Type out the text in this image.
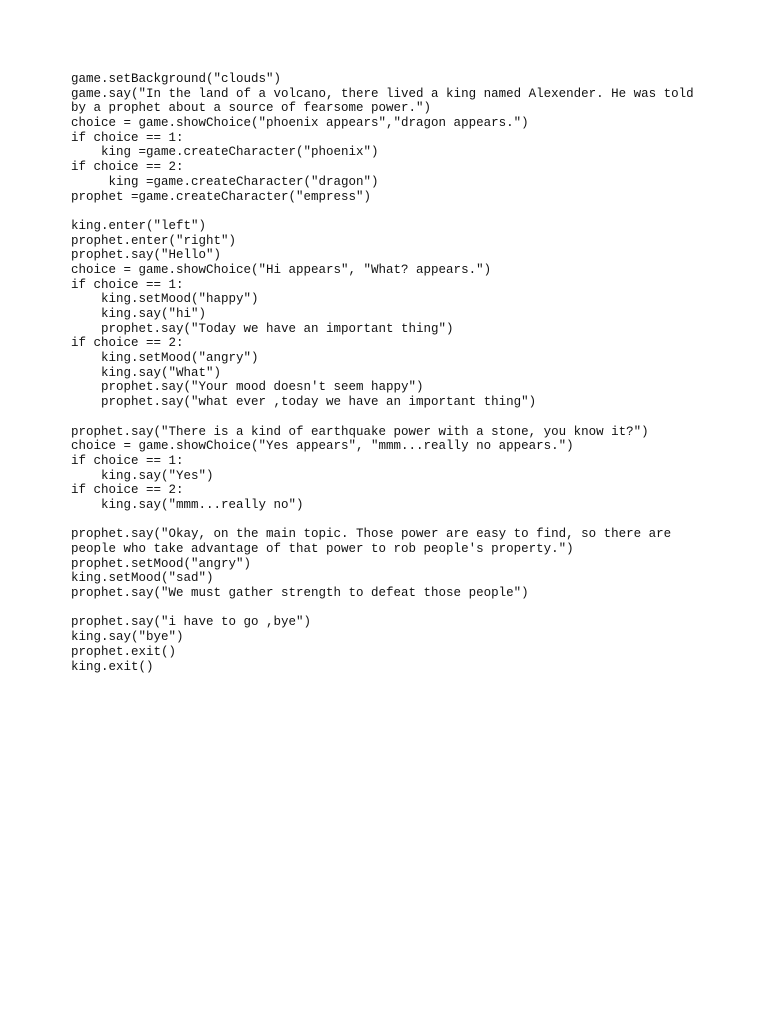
game.setBackground("clouds")
game.say("In the land of a volcano, there lived a king named Alexender. He was told
by a prophet about a source of fearsome power.")
choice = game.showChoice("phoenix appears","dragon appears.")
if choice == 1:
king =game.createCharacter("phoenix")
if choice == 2:
king =game.createCharacter("dragon")
prophet =game.createCharacter("empress")
king.enter("left")
prophet.enter("right")
prophet.say("Hello")
choice = game.showChoice("Hi appears", "What? appears.")
if choice == 1:
king.setMood("happy")
king.say("hi")
prophet.say("Today we have an important thing")
if choice == 2:
king.setMood("angry")
king.say("What")
prophet.say("Your mood doesn't seem happy")
prophet.say("what ever ,today we have an important thing")
prophet.say("There is a kind of earthquake power with a stone, you know it?")
choice = game.showChoice("Yes appears", "mmm...really no appears.")
if choice == 1:
king.say("Yes")
if choice == 2:
king.say("mmm...really no")
prophet.say("Okay, on the main topic. Those power are easy to find, so there are
people who take advantage of that power to rob people's property.")
prophet.setMood("angry")
king.setMood("sad")
prophet.say("We must gather strength to defeat those people")
prophet.say("i have to go ,bye")
king.say("bye")
prophet.exit()
king.exit()
